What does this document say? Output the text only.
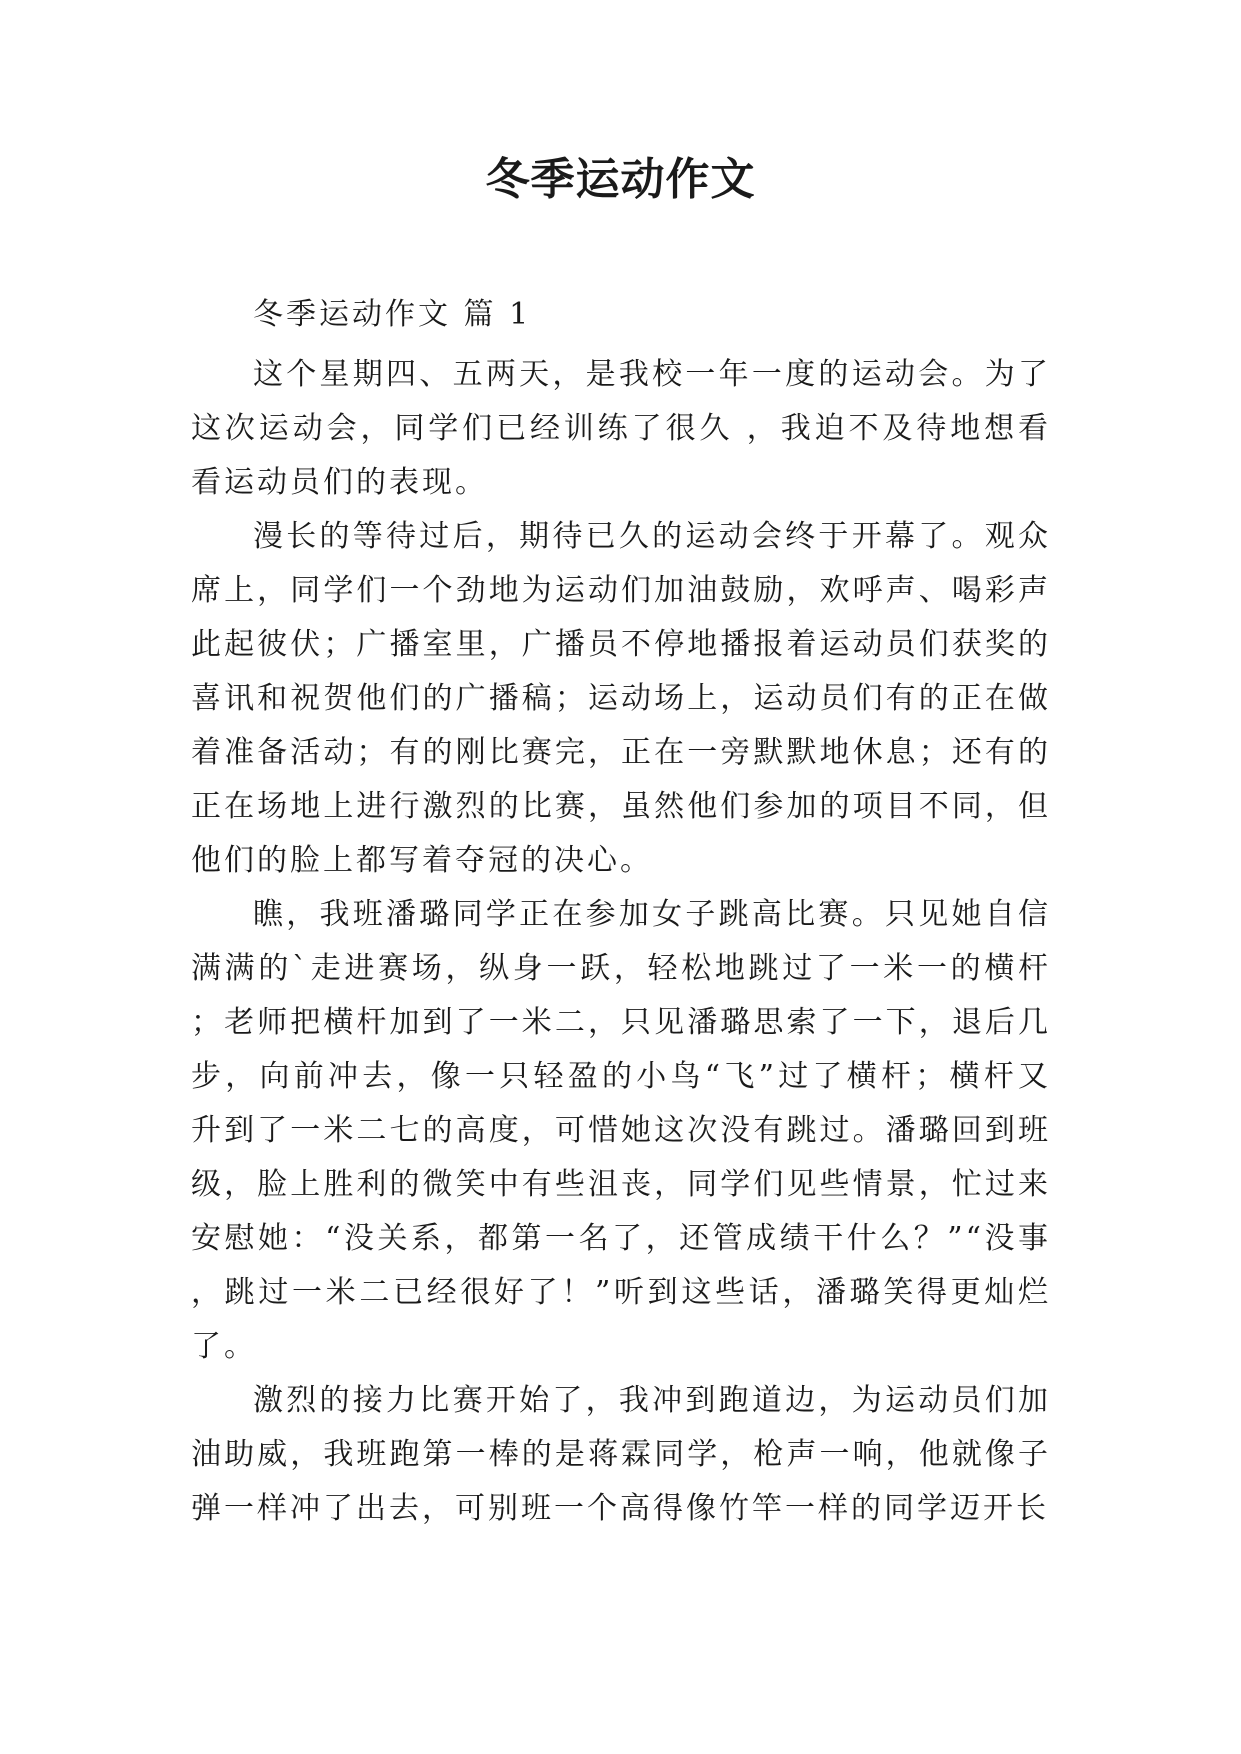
冬季运动作文

冬季运动作文 篇 1

这个星期四、五两天，是我校一年一度的运动会。为了这次运动会，同学们已经训练了很久 ，我迫不及待地想看看运动员们的表现。

漫长的等待过后，期待已久的运动会终于开幕了。观众席上，同学们一个劲地为运动们加油鼓励，欢呼声、喝彩声此起彼伏；广播室里，广播员不停地播报着运动员们获奖的喜讯和祝贺他们的广播稿；运动场上，运动员们有的正在做着准备活动；有的刚比赛完，正在一旁默默地休息；还有的正在场地上进行激烈的比赛，虽然他们参加的项目不同，但他们的脸上都写着夺冠的决心。

瞧，我班潘璐同学正在参加女子跳高比赛。只见她自信满满的`走进赛场，纵身一跃，轻松地跳过了一米一的横杆；老师把横杆加到了一米二，只见潘璐思索了一下，退后几步，向前冲去，像一只轻盈的小鸟“飞”过了横杆；横杆又升到了一米二七的高度，可惜她这次没有跳过。潘璐回到班级，脸上胜利的微笑中有些沮丧，同学们见些情景，忙过来安慰她：“没关系，都第一名了，还管成绩干什么？”“没事，跳过一米二已经很好了！”听到这些话，潘璐笑得更灿烂了。

激烈的接力比赛开始了，我冲到跑道边，为运动员们加油助威，我班跑第一棒的是蒋霖同学，枪声一响，他就像子弹一样冲了出去，可别班一个高得像竹竿一样的同学迈开长
